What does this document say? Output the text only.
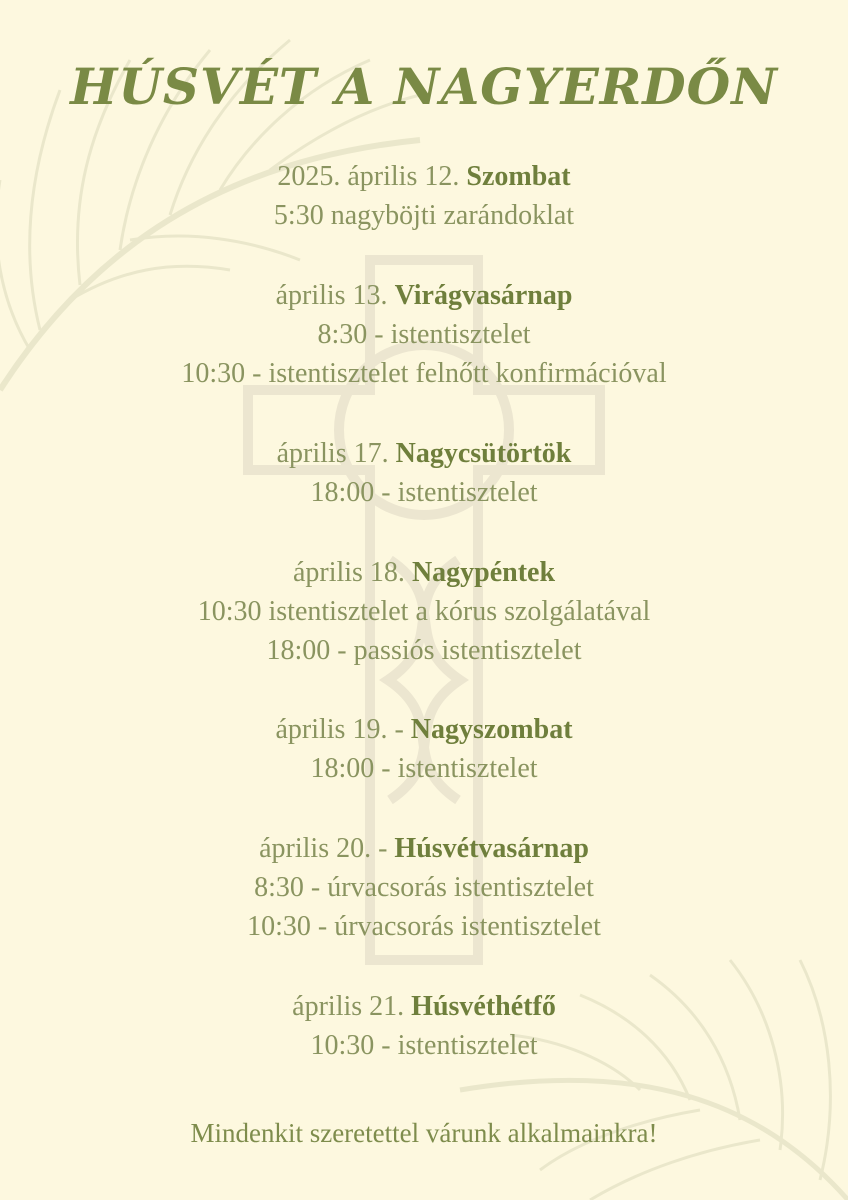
HÚSVÉT A NAGYERDŐN
2025. április 12. Szombat
5:30 nagyböjti zarándoklat
április 13. Virágvasárnap
8:30 - istentisztelet
10:30 - istentisztelet felnőtt konfirmációval
április 17. Nagycsütörtök
18:00 - istentisztelet
április 18. Nagypéntek
10:30 istentisztelet a kórus szolgálatával
18:00 - passiós istentisztelet
április 19. - Nagyszombat
18:00 - istentisztelet
április 20. - Húsvétvasárnap
8:30 - úrvacsorás istentisztelet
10:30 - úrvacsorás istentisztelet
április 21. Húsvéthétfő
10:30 - istentisztelet
Mindenkit szeretettel várunk alkalmainkra!
